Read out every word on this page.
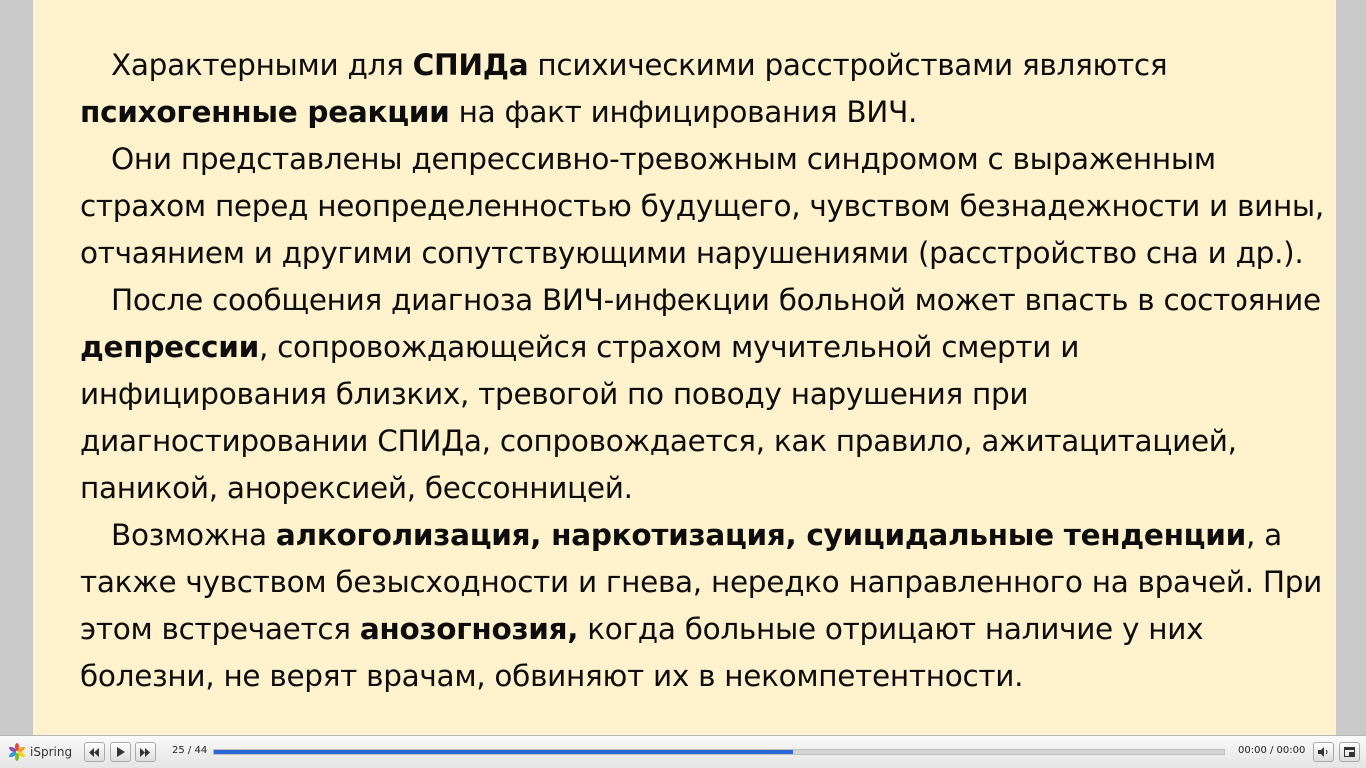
Характерными для СПИДа психическими расстройствами являются
психогенные реакции на факт инфицирования ВИЧ.
Они представлены депрессивно-тревожным синдромом с выраженным
страхом перед неопределенностью будущего, чувством безнадежности и вины,
отчаянием и другими сопутствующими нарушениями (расстройство сна и др.).
После сообщения диагноза ВИЧ-инфекции больной может впасть в состояние
депрессии, сопровождающейся страхом мучительной смерти и
инфицирования близких, тревогой по поводу нарушения при
диагностировании СПИДа, сопровождается, как правило, ажитацитацией,
паникой, анорексией, бессонницей.
Возможна алкоголизация, наркотизация, суицидальные тенденции, а
также чувством безысходности и гнева, нередко направленного на врачей. При
этом встречается анозогнозия, когда больные отрицают наличие у них
болезни, не верят врачам, обвиняют их в некомпетентности.
iSpring	25 / 44	00:00 / 00:00
